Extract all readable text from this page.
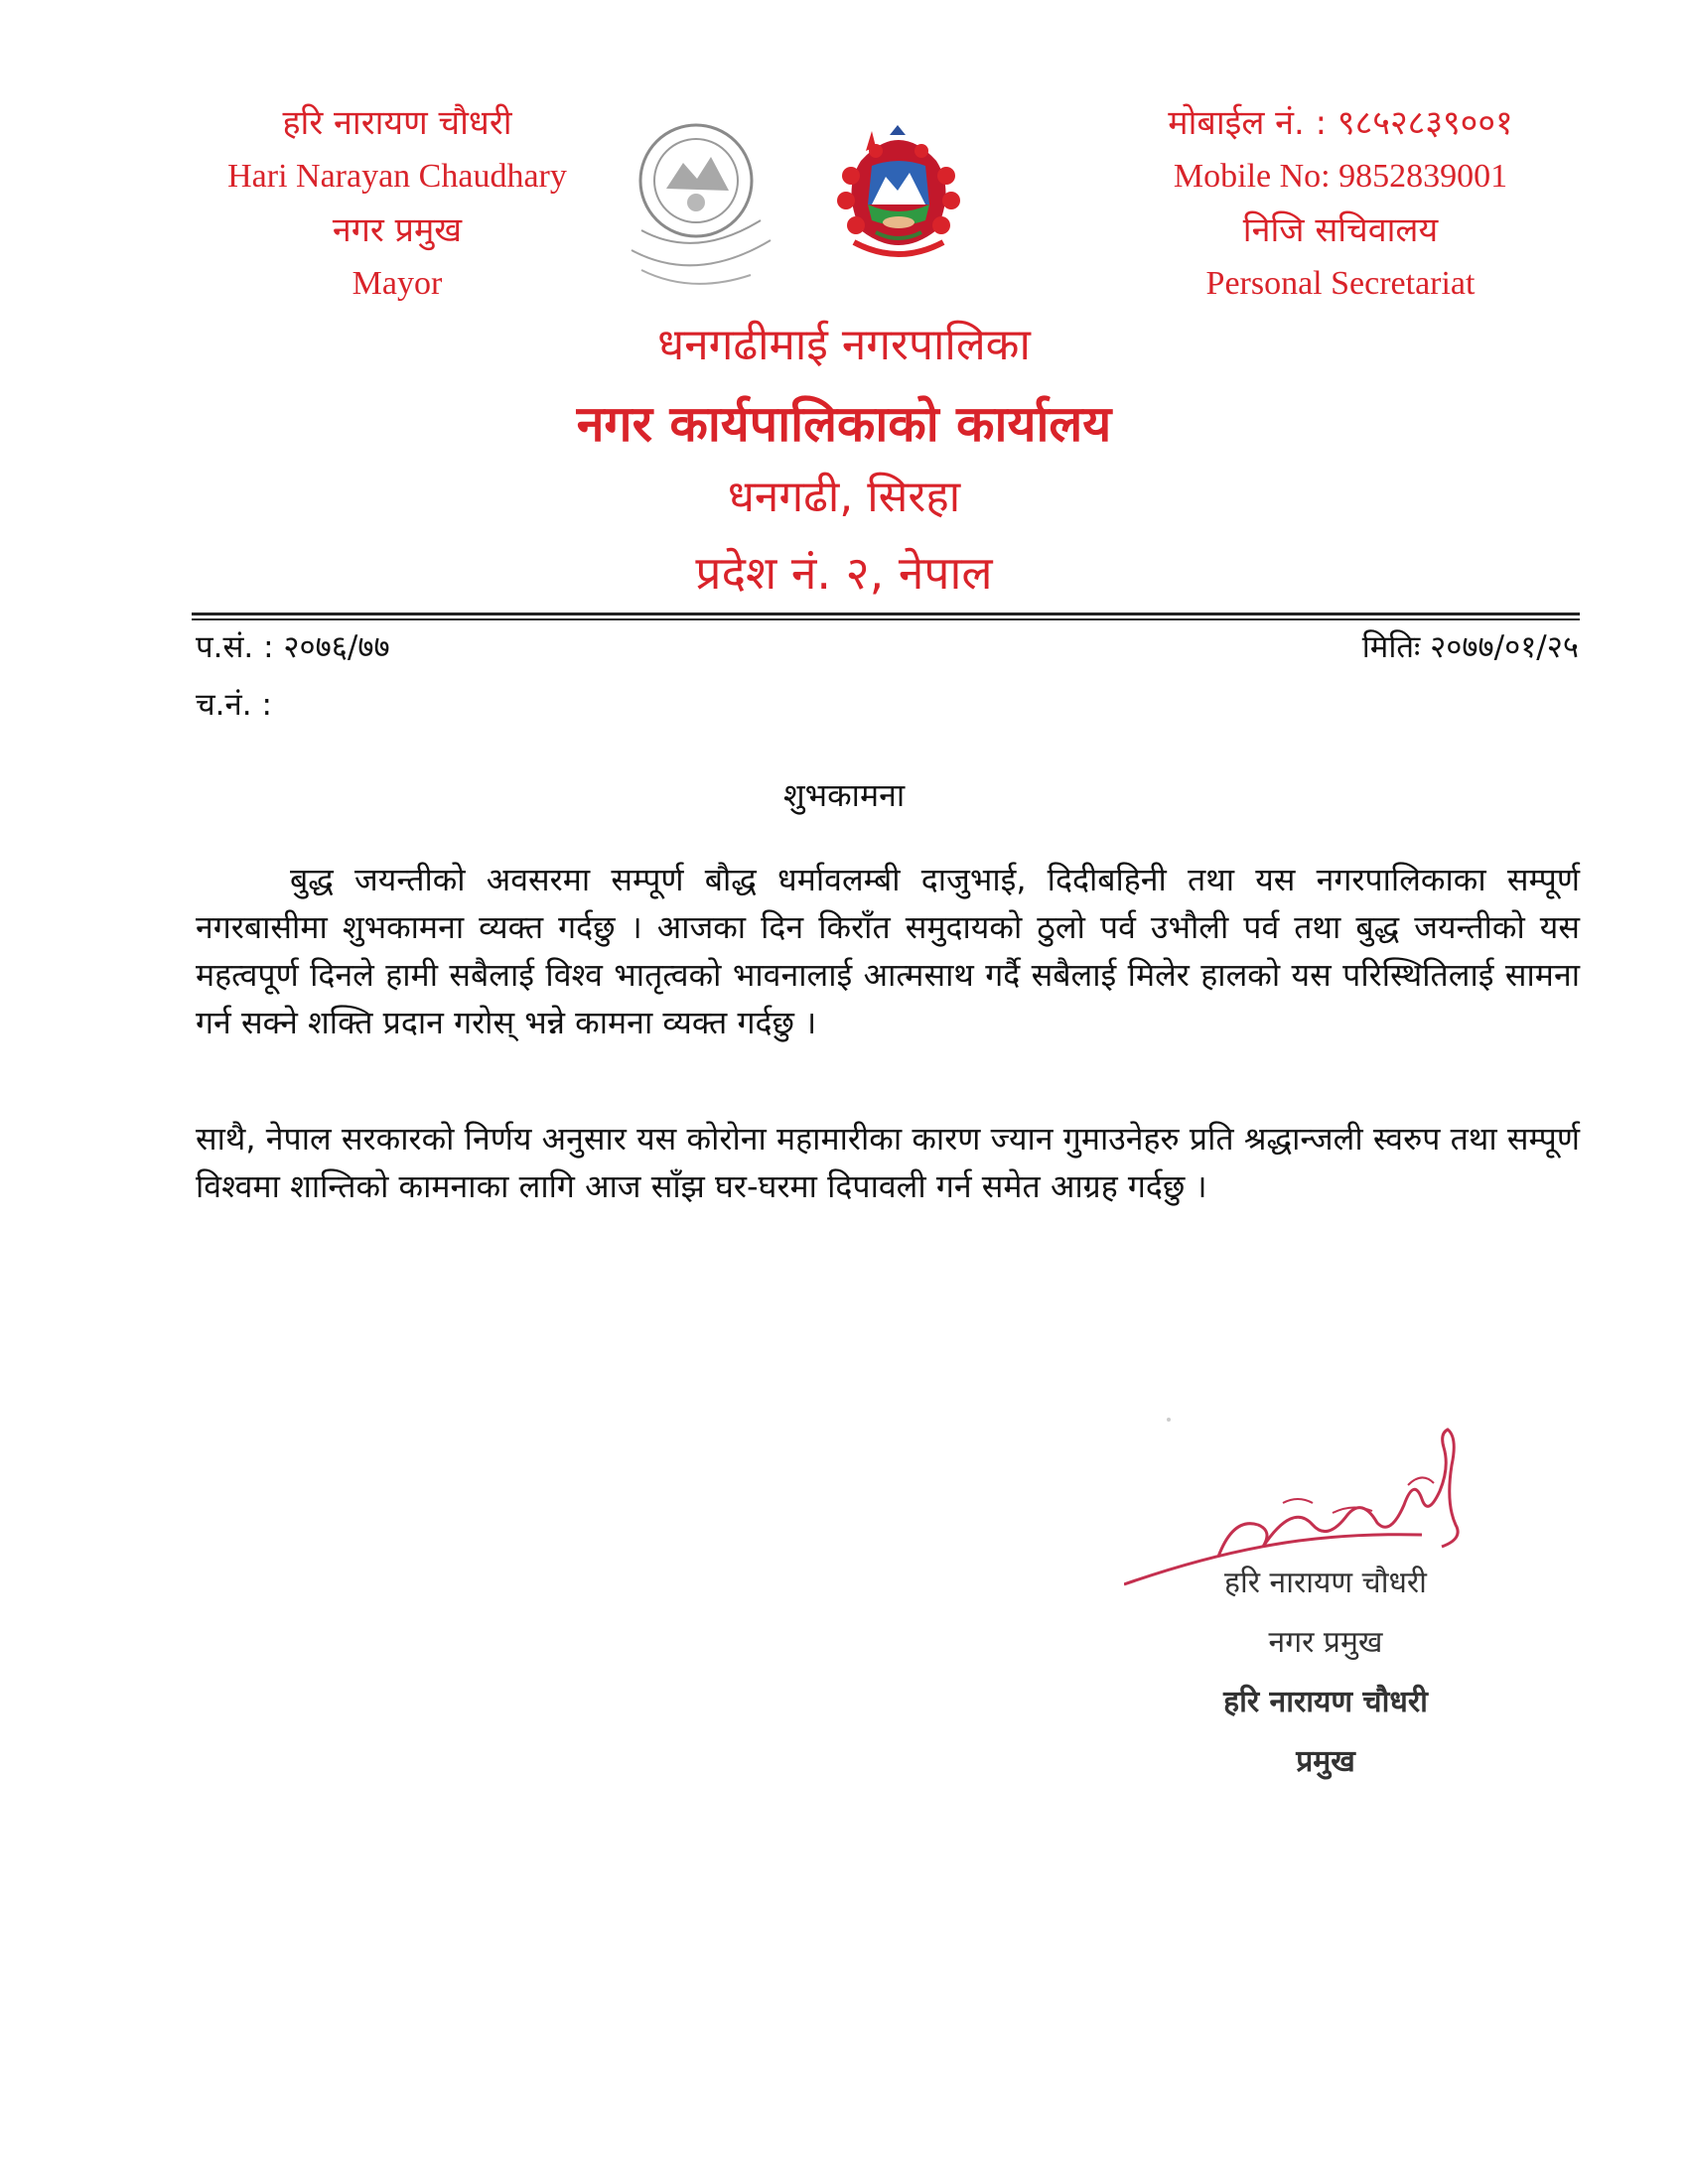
हरि नारायण चौधरी
Hari Narayan Chaudhary
नगर प्रमुख
Mayor
मोबाईल नं. : ९८५२८३९००१
Mobile No: 9852839001
निजि सचिवालय
Personal Secretariat
धनगढीमाई नगरपालिका
नगर कार्यपालिकाको कार्यालय
धनगढी, सिरहा
प्रदेश नं. २, नेपाल
प.सं. : २०७६/७७
च.नं. :
मितिः २०७७/०१/२५
शुभकामना
बुद्ध जयन्तीको अवसरमा सम्पूर्ण बौद्ध धर्मावलम्बी दाजुभाई, दिदीबहिनी तथा यस नगरपालिकाका सम्पूर्ण नगरबासीमा शुभकामना व्यक्त गर्दछु । आजका दिन किराँत समुदायको ठुलो पर्व उभौली पर्व तथा बुद्ध जयन्तीको यस महत्वपूर्ण दिनले हामी सबैलाई विश्व भातृत्वको भावनालाई आत्मसाथ गर्दै सबैलाई मिलेर हालको यस परिस्थितिलाई सामना गर्न सक्ने शक्ति प्रदान गरोस् भन्ने कामना व्यक्त गर्दछु ।
साथै, नेपाल सरकारको निर्णय अनुसार यस कोरोना महामारीका कारण ज्यान गुमाउनेहरु प्रति श्रद्धान्जली स्वरुप तथा सम्पूर्ण विश्वमा शान्तिको कामनाका लागि आज साँझ घर-घरमा दिपावली गर्न समेत आग्रह गर्दछु ।
हरि नारायण चौधरी
नगर प्रमुख
हरि नारायण चौधरी
प्रमुख
